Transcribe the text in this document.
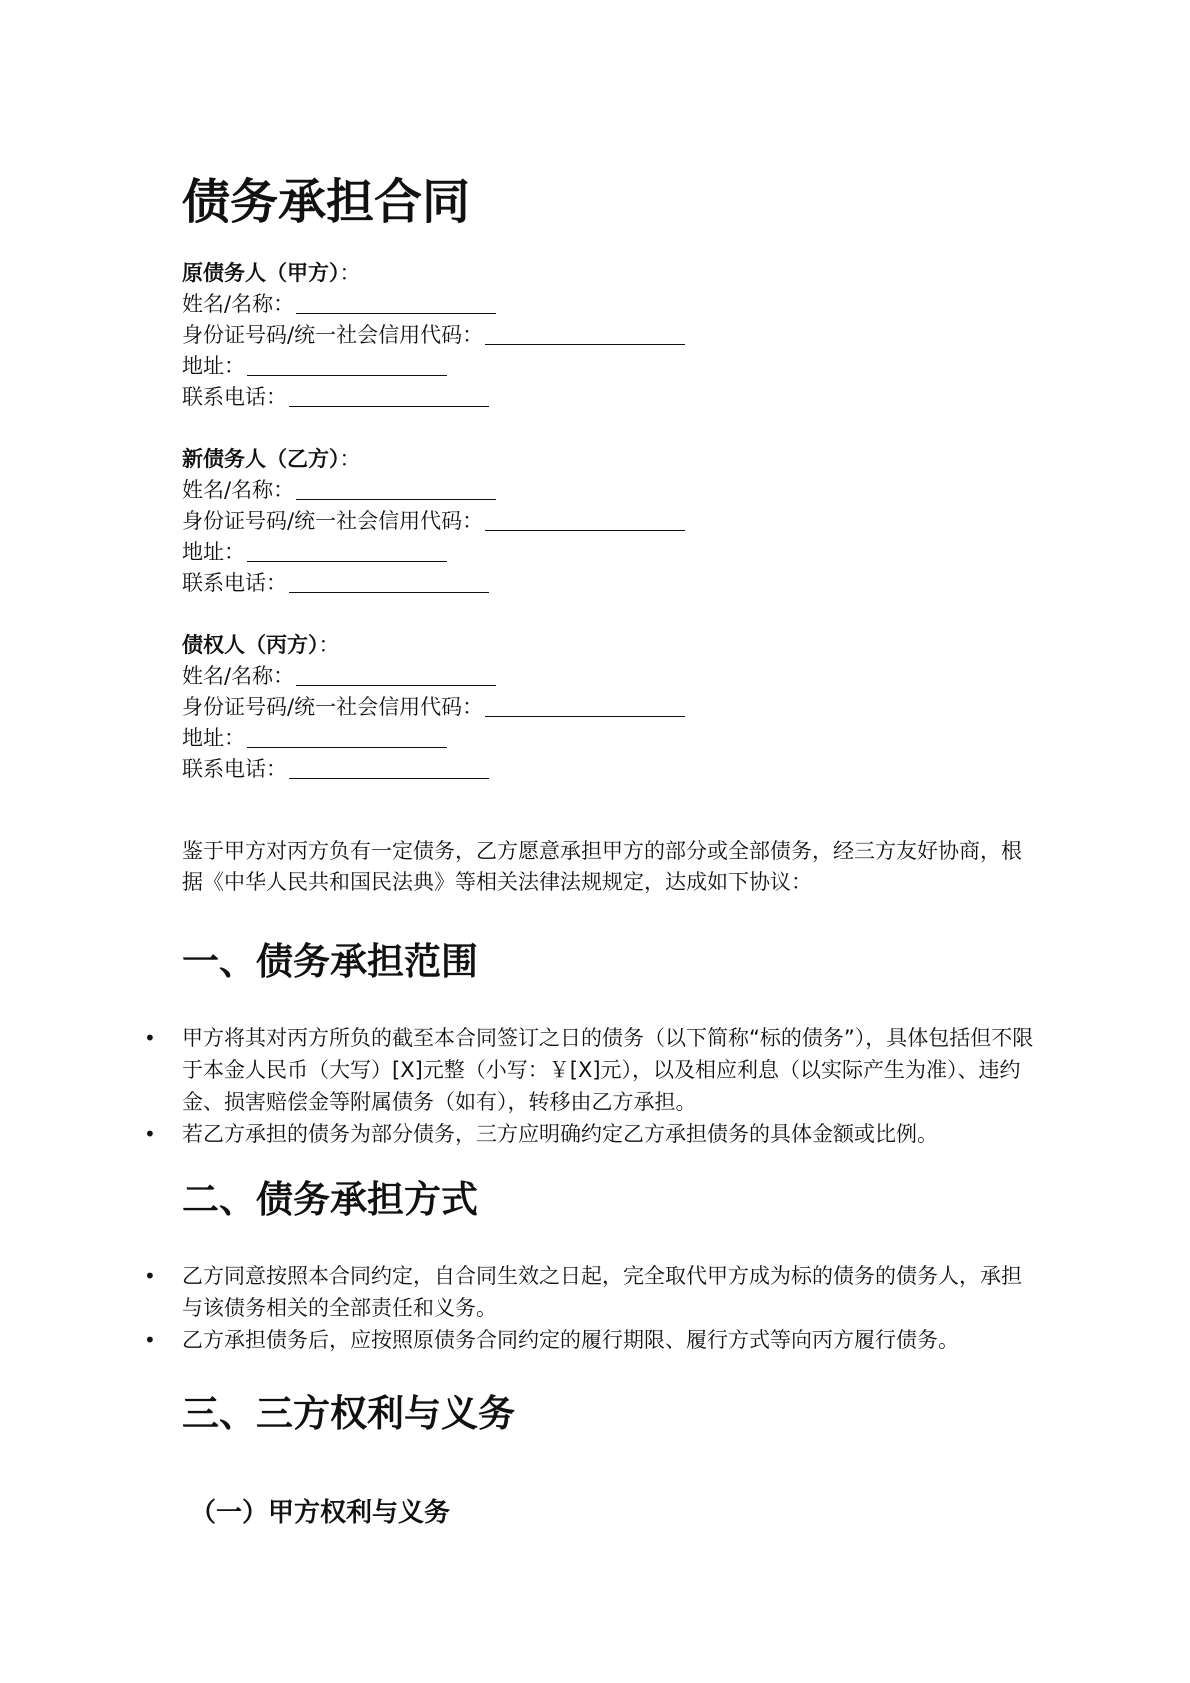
债务承担合同
原债务人（甲方）：
姓名/名称：
身份证号码/统一社会信用代码：
地址：
联系电话：
新债务人（乙方）：
姓名/名称：
身份证号码/统一社会信用代码：
地址：
联系电话：
债权人（丙方）：
姓名/名称：
身份证号码/统一社会信用代码：
地址：
联系电话：

鉴于甲方对丙方负有一定债务，乙方愿意承担甲方的部分或全部债务，经三方友好协商，根据《中华人民共和国民法典》等相关法律法规规定，达成如下协议：

一、债务承担范围
• 甲方将其对丙方所负的截至本合同签订之日的债务（以下简称“标的债务”），具体包括但不限于本金人民币（大写）[X]元整（小写：￥[X]元），以及相应利息（以实际产生为准）、违约金、损害赔偿金等附属债务（如有），转移由乙方承担。
• 若乙方承担的债务为部分债务，三方应明确约定乙方承担债务的具体金额或比例。
二、债务承担方式
• 乙方同意按照本合同约定，自合同生效之日起，完全取代甲方成为标的债务的债务人，承担与该债务相关的全部责任和义务。
• 乙方承担债务后，应按照原债务合同约定的履行期限、履行方式等向丙方履行债务。
三、三方权利与义务
（一）甲方权利与义务
